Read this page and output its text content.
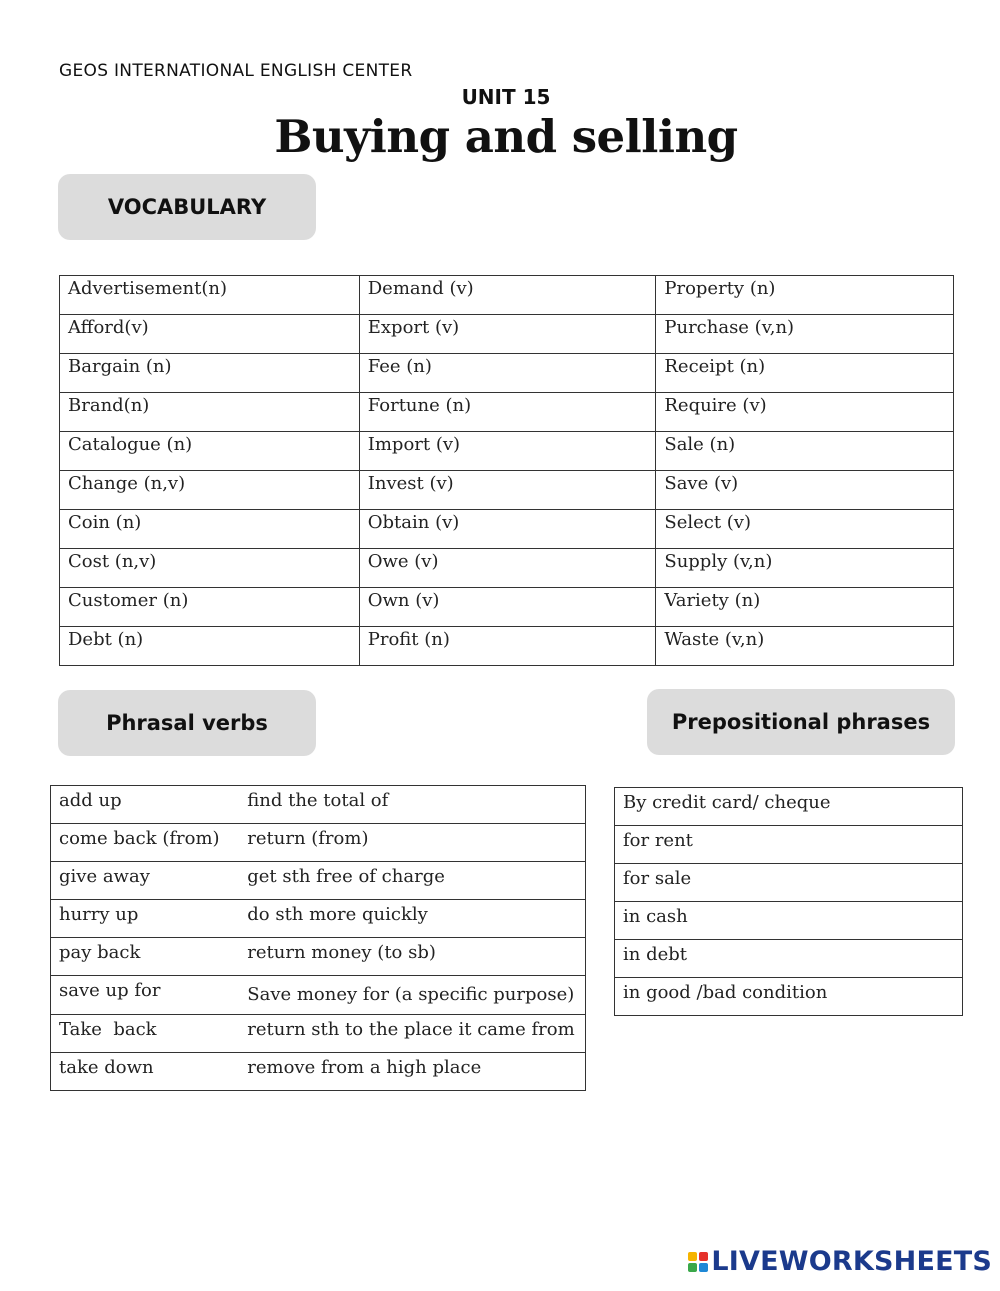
GEOS INTERNATIONAL ENGLISH CENTER
UNIT 15
Buying and selling
VOCABULARY
Advertisement(n)	Demand (v)	Property (n)
Afford(v)	Export (v)	Purchase (v,n)
Bargain (n)	Fee (n)	Receipt (n)
Brand(n)	Fortune (n)	Require (v)
Catalogue (n)	Import (v)	Sale (n)
Change (n,v)	Invest (v)	Save (v)
Coin (n)	Obtain (v)	Select (v)
Cost (n,v)	Owe (v)	Supply (v,n)
Customer (n)	Own (v)	Variety (n)
Debt (n)	Profit (n)	Waste (v,n)
Phrasal verbs	Prepositional phrases
add up	find the total of
come back (from)	return (from)
give away	get sth free of charge
hurry up	do sth more quickly
pay back	return money (to sb)
save up for	Save money for (a specific purpose)
Take  back	return sth to the place it came from
take down	remove from a high place
By credit card/ cheque
for rent
for sale
in cash
in debt
in good /bad condition
LIVEWORKSHEETS
